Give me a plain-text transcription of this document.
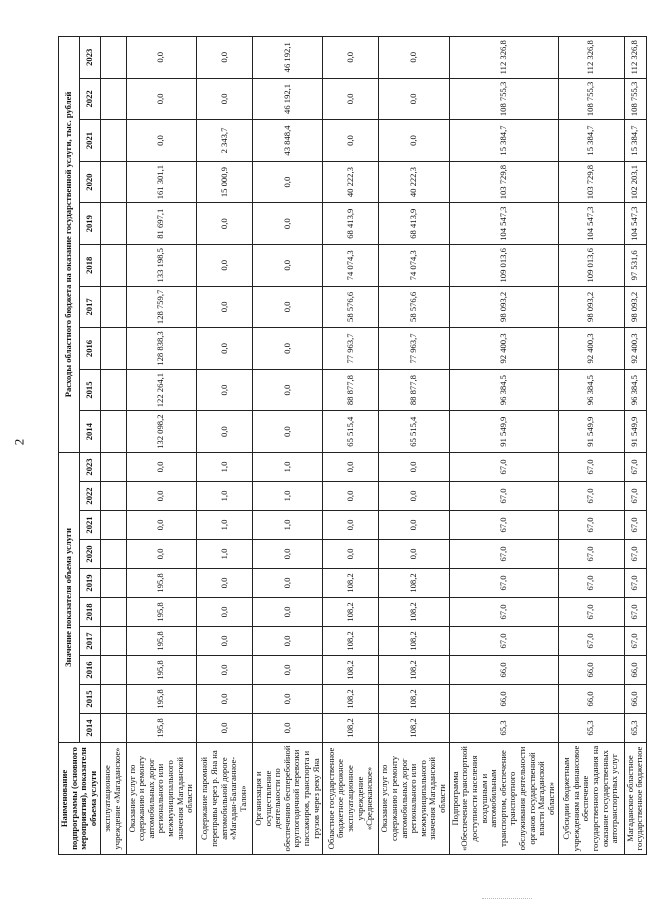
2
Наименование подпрограммы (основного мероприятия), показателя объема услуги	Значение показателя объема услуги										Расходы областного бюджета на оказание государственной услуги, тыс. рублей									
	2014	2015	2016	2017	2018	2019	2020	2021	2022	2023	2014	2015	2016	2017	2018	2019	2020	2021	2022	2023
эксплуатационное учреждение «Магаданское»																				
Оказание услуг по содержанию и ремонту автомобильных дорог регионального или межмуниципального значения Магаданской области	195,8	195,8	195,8	195,8	195,8	195,8	0,0	0,0	0,0	0,0	132 098,2	122 264,1	128 838,3	128 759,7	133 198,5	81 697,1	161 301,1	0,0	0,0	0,0
Содержание паромной переправы через р. Яна на автомобильной дороге «Магадан-Балаганное-Талон»	0,0	0,0	0,0	0,0	0,0	0,0	1,0	1,0	1,0	1,0	0,0	0,0	0,0	0,0	0,0	0,0	15 000,9	2 343,7	0,0	0,0
Организация и осуществление деятельности по обеспечению бесперебойной круглогодичной перевозки пассажиров, транспорта и грузов через реку Яна	0,0	0,0	0,0	0,0	0,0	0,0	0,0	1,0	1,0	1,0	0,0	0,0	0,0	0,0	0,0	0,0	0,0	43 848,4	46 192,1	46 192,1
Областное государственное бюджетное дорожное эксплуатационное учреждение «Среднеканское»	108,2	108,2	108,2	108,2	108,2	108,2	0,0	0,0	0,0	0,0	65 515,4	88 877,8	77 963,7	58 576,6	74 074,3	68 413,9	40 222,3	0,0	0,0	0,0
Оказание услуг по содержанию и ремонту автомобильных дорог регионального или межмуниципального значения Магаданской области	108,2	108,2	108,2	108,2	108,2	108,2	0,0	0,0	0,0	0,0	65 515,4	88 877,8	77 963,7	58 576,6	74 074,3	68 413,9	40 222,3	0,0	0,0	0,0
Подпрограмма «Обеспечение транспортной доступности населения воздушным и автомобильным транспортом, обеспечение транспортного обслуживания деятельности органов государственной власти Магаданской области»	65,3	66,0	66,0	67,0	67,0	67,0	67,0	67,0	67,0	67,0	91 549,9	96 384,5	92 400,3	98 093,2	109 013,6	104 547,3	103 729,8	15 384,7	108 755,3	112 326,8
Субсидии бюджетным учреждениям на финансовое обеспечение государственного задания на оказание государственных автотранспортных услуг	65,3	66,0	66,0	67,0	67,0	67,0	67,0	67,0	67,0	67,0	91 549,9	96 384,5	92 400,3	98 093,2	109 013,6	104 547,3	103 729,8	15 384,7	108 755,3	112 326,8
Магаданское областное государственное бюджетное	65,3	66,0	66,0	67,0	67,0	67,0	67,0	67,0	67,0	67,0	91 549,9	96 384,5	92 400,3	98 093,2	97 531,6	104 547,3	102 203,1	15 384,7	108 755,3	112 326,8
